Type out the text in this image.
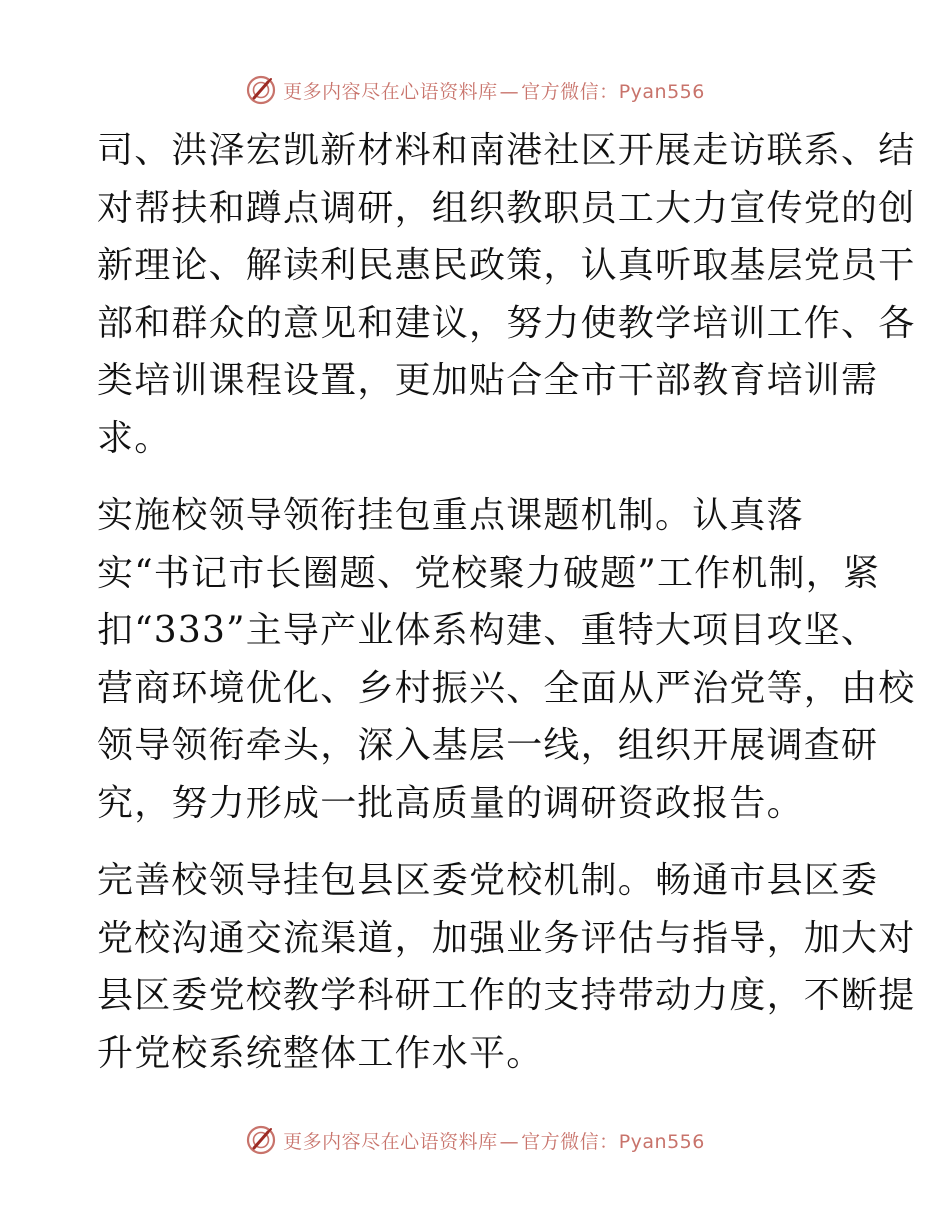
更多内容尽在心语资料库 — 官方微信：Pyan556

司、洪泽宏凯新材料和南港社区开展走访联系、结
对帮扶和蹲点调研，组织教职员工大力宣传党的创
新理论、解读利民惠民政策，认真听取基层党员干
部和群众的意见和建议，努力使教学培训工作、各
类培训课程设置，更加贴合全市干部教育培训需
求。

实施校领导领衔挂包重点课题机制。认真落
实“书记市长圈题、党校聚力破题”工作机制，紧
扣“333”主导产业体系构建、重特大项目攻坚、
营商环境优化、乡村振兴、全面从严治党等，由校
领导领衔牵头，深入基层一线，组织开展调查研
究，努力形成一批高质量的调研资政报告。

完善校领导挂包县区委党校机制。畅通市县区委
党校沟通交流渠道，加强业务评估与指导，加大对
县区委党校教学科研工作的支持带动力度，不断提
升党校系统整体工作水平。

更多内容尽在心语资料库 — 官方微信：Pyan556
